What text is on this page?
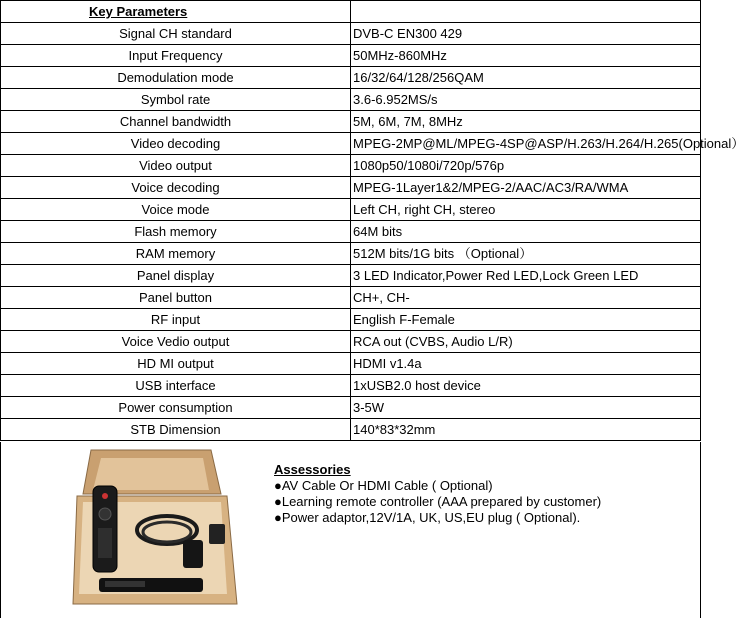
Key Parameters	
Signal CH standard	DVB-C EN300 429
Input Frequency	50MHz-860MHz
Demodulation mode	16/32/64/128/256QAM
Symbol rate	3.6-6.952MS/s
Channel bandwidth	5M, 6M, 7M, 8MHz
Video decoding	MPEG-2MP@ML/MPEG-4SP@ASP/H.263/H.264/H.265(Optional）
Video output	1080p50/1080i/720p/576p
Voice decoding	MPEG-1Layer1&2/MPEG-2/AAC/AC3/RA/WMA
Voice mode	Left CH, right CH, stereo
Flash memory	64M bits
RAM memory	512M bits/1G bits （Optional）
Panel display	3 LED Indicator,Power Red LED,Lock Green LED
Panel button	CH+, CH-
RF input	English F-Female
Voice Vedio output	RCA out (CVBS, Audio L/R)
HD MI output	HDMI v1.4a
USB interface	1xUSB2.0 host device
Power consumption	3-5W
STB Dimension	140*83*32mm
Assessories
●AV Cable Or HDMI Cable ( Optional)
●Learning remote controller (AAA prepared by customer)
●Power adaptor,12V/1A, UK, US,EU plug ( Optional).
